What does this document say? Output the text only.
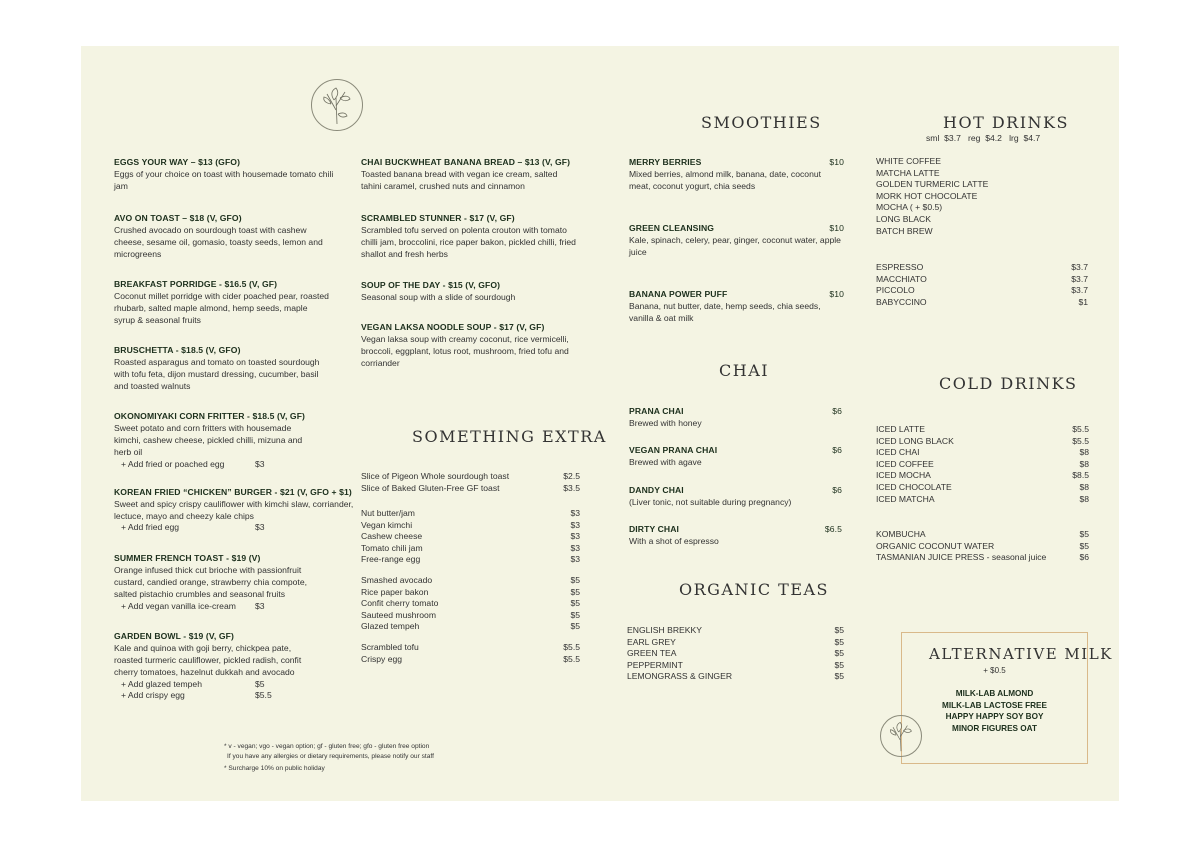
EGGS YOUR WAY – $13 (GFO)
Eggs of your choice on toast with housemade tomato chili jam
AVO ON TOAST – $18 (V, GFO)
Crushed avocado on sourdough toast with cashew cheese, sesame oil, gomasio, toasty seeds, lemon and microgreens
BREAKFAST PORRIDGE - $16.5 (V, GF)
Coconut millet porridge with cider poached pear, roasted rhubarb, salted maple almond, hemp seeds, maple syrup & seasonal fruits
BRUSCHETTA - $18.5 (V, GFO)
Roasted asparagus and tomato on toasted sourdough with tofu feta, dijon mustard dressing, cucumber, basil and toasted walnuts
OKONOMIYAKI CORN FRITTER - $18.5 (V, GF)
Sweet potato and corn fritters with housemade kimchi, cashew cheese, pickled chilli, mizuna and herb oil
+ Add fried or poached egg	$3
KOREAN FRIED “CHICKEN” BURGER - $21 (V, GFO + $1)
Sweet and spicy crispy cauliflower with kimchi slaw, corriander, lectuce, mayo and cheezy kale chips
+ Add fried egg	$3
SUMMER FRENCH TOAST - $19 (V)
Orange infused thick cut brioche with passionfruit custard, candied orange, strawberry chia compote, salted pistachio crumbles and seasonal fruits
+ Add vegan vanilla ice-cream $3
GARDEN BOWL - $19 (V, GF)
Kale and quinoa with goji berry, chickpea pate, roasted turmeric cauliflower, pickled radish, confit cherry tomatoes, hazelnut dukkah and avocado
+ Add glazed tempeh	$5
+ Add crispy egg	$5.5
CHAI BUCKWHEAT BANANA BREAD – $13 (V, GF)
Toasted banana bread with vegan ice cream, salted tahini caramel, crushed nuts and cinnamon
SCRAMBLED STUNNER - $17 (V, GF)
Scrambled tofu served on polenta crouton with tomato chilli jam, broccolini, rice paper bakon, pickled chilli, fried shallot and fresh herbs
SOUP OF THE DAY - $15 (V, GFO)
Seasonal soup with a slide of sourdough
VEGAN LAKSA NOODLE SOUP - $17 (V, GF)
Vegan laksa soup with creamy coconut, rice vermicelli, broccoli, eggplant, lotus root, mushroom, fried tofu and corriander
SOMETHING EXTRA
Slice of Pigeon Whole sourdough toast	$2.5
Slice of Baked Gluten-Free GF toast	$3.5
Nut butter/jam	$3
Vegan kimchi	$3
Cashew cheese	$3
Tomato chili jam	$3
Free-range egg	$3
Smashed avocado	$5
Rice paper bakon	$5
Confit cherry tomato	$5
Sauteed mushroom	$5
Glazed tempeh	$5
Scrambled tofu	$5.5
Crispy egg	$5.5
* v - vegan; vgo - vegan option; gf - gluten free; gfo - gluten free option
If you have any allergies or dietary requirements, please notify our staff
* Surcharge 10% on public holiday
SMOOTHIES
MERRY BERRIES	$10
Mixed berries, almond milk, banana, date, coconut meat, coconut yogurt, chia seeds
GREEN CLEANSING	$10
Kale, spinach, celery, pear, ginger, coconut water, apple juice
BANANA POWER PUFF	$10
Banana, nut butter, date, hemp seeds, chia seeds, vanilla & oat milk
CHAI
PRANA CHAI	$6
Brewed with honey
VEGAN PRANA CHAI	$6
Brewed with agave
DANDY CHAI	$6
(Liver tonic, not suitable during pregnancy)
DIRTY CHAI	$6.5
With a shot of espresso
ORGANIC TEAS
ENGLISH BREKKY	$5
EARL GREY	$5
GREEN TEA	$5
PEPPERMINT	$5
LEMONGRASS & GINGER	$5
HOT DRINKS
sml  $3.7   reg  $4.2   lrg  $4.7
WHITE COFFEE
MATCHA LATTE
GOLDEN TURMERIC LATTE
MORK HOT CHOCOLATE
MOCHA ( + $0.5)
LONG BLACK
BATCH BREW
ESPRESSO	$3.7
MACCHIATO	$3.7
PICCOLO	$3.7
BABYCCINO	$1
COLD DRINKS
ICED LATTE	$5.5
ICED LONG BLACK	$5.5
ICED CHAI	$8
ICED COFFEE	$8
ICED MOCHA	$8.5
ICED CHOCOLATE	$8
ICED MATCHA	$8
KOMBUCHA	$5
ORGANIC COCONUT WATER	$5
TASMANIAN JUICE PRESS - seasonal juice	$6
ALTERNATIVE MILK
+ $0.5
MILK-LAB ALMOND
MILK-LAB LACTOSE FREE
HAPPY HAPPY SOY BOY
MINOR FIGURES OAT
